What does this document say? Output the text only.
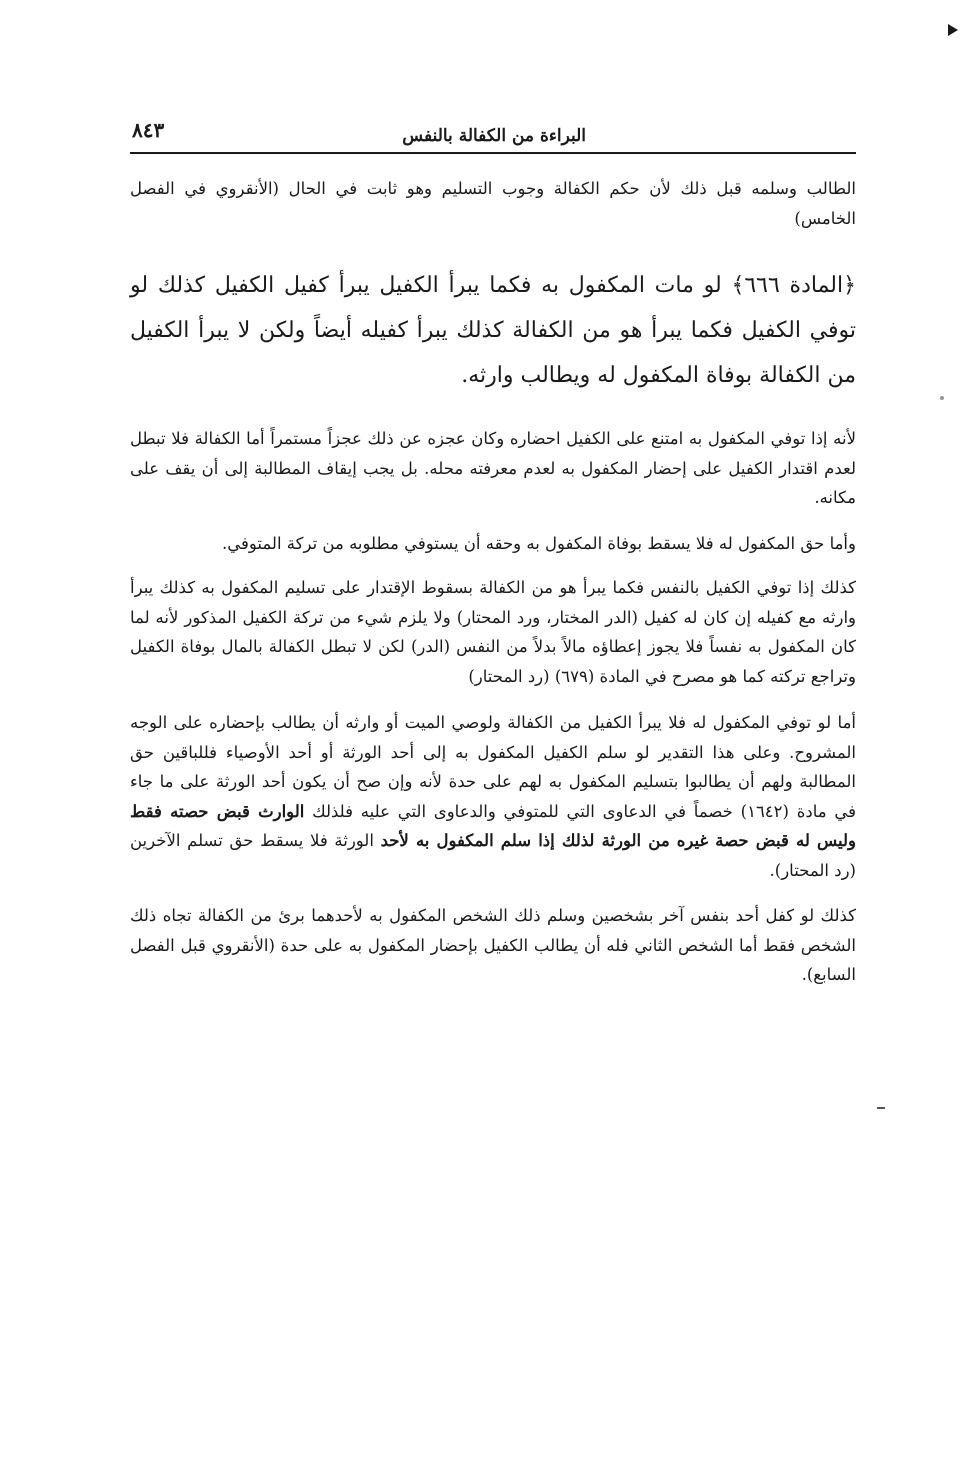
البراءة من الكفالة بالنفس
٨٤٣

الطالب وسلمه قبل ذلك لأن حكم الكفالة وجوب التسليم وهو ثابت في الحال (الأنقروي في الفصل الخامس)

﴿المادة ٦٦٦﴾ لو مات المكفول به فكما يبرأ الكفيل يبرأ كفيل الكفيل كذلك لو توفي الكفيل فكما يبرأ هو من الكفالة كذلك يبرأ كفيله أيضاً ولكن لا يبرأ الكفيل من الكفالة بوفاة المكفول له ويطالب وارثه.

لأنه إذا توفي المكفول به امتنع على الكفيل احضاره وكان عجزه عن ذلك عجزاً مستمراً أما الكفالة فلا تبطل لعدم اقتدار الكفيل على إحضار المكفول به لعدم معرفته محله. بل يجب إيقاف المطالبة إلى أن يقف على مكانه.

وأما حق المكفول له فلا يسقط بوفاة المكفول به وحقه أن يستوفي مطلوبه من تركة المتوفي.

كذلك إذا توفي الكفيل بالنفس فكما يبرأ هو من الكفالة بسقوط الإقتدار على تسليم المكفول به كذلك يبرأ وارثه مع كفيله إن كان له كفيل (الدر المختار، ورد المحتار) ولا يلزم شيء من تركة الكفيل المذكور لأنه لما كان المكفول به نفساً فلا يجوز إعطاؤه مالاً بدلاً من النفس (الدر) لكن لا تبطل الكفالة بالمال بوفاة الكفيل وتراجع تركته كما هو مصرح في المادة (٦٧٩) (رد المحتار)

أما لو توفي المكفول له فلا يبرأ الكفيل من الكفالة ولوصي الميت أو وارثه أن يطالب بإحضاره على الوجه المشروح. وعلى هذا التقدير لو سلم الكفيل المكفول به إلى أحد الورثة أو أحد الأوصياء فللباقين حق المطالبة ولهم أن يطالبوا بتسليم المكفول به لهم على حدة لأنه وإن صح أن يكون أحد الورثة على ما جاء في مادة (١٦٤٢) خصماً في الدعاوى التي للمتوفي والدعاوى التي عليه فلذلك الوارث قبض حصته فقط وليس له قبض حصة غيره من الورثة لذلك إذا سلم المكفول به لأحد الورثة فلا يسقط حق تسلم الآخرين (رد المحتار).

كذلك لو كفل أحد بنفس آخر بشخصين وسلم ذلك الشخص المكفول به لأحدهما برئ من الكفالة تجاه ذلك الشخص فقط أما الشخص الثاني فله أن يطالب الكفيل بإحضار المكفول به على حدة (الأنقروي قبل الفصل السابع).
